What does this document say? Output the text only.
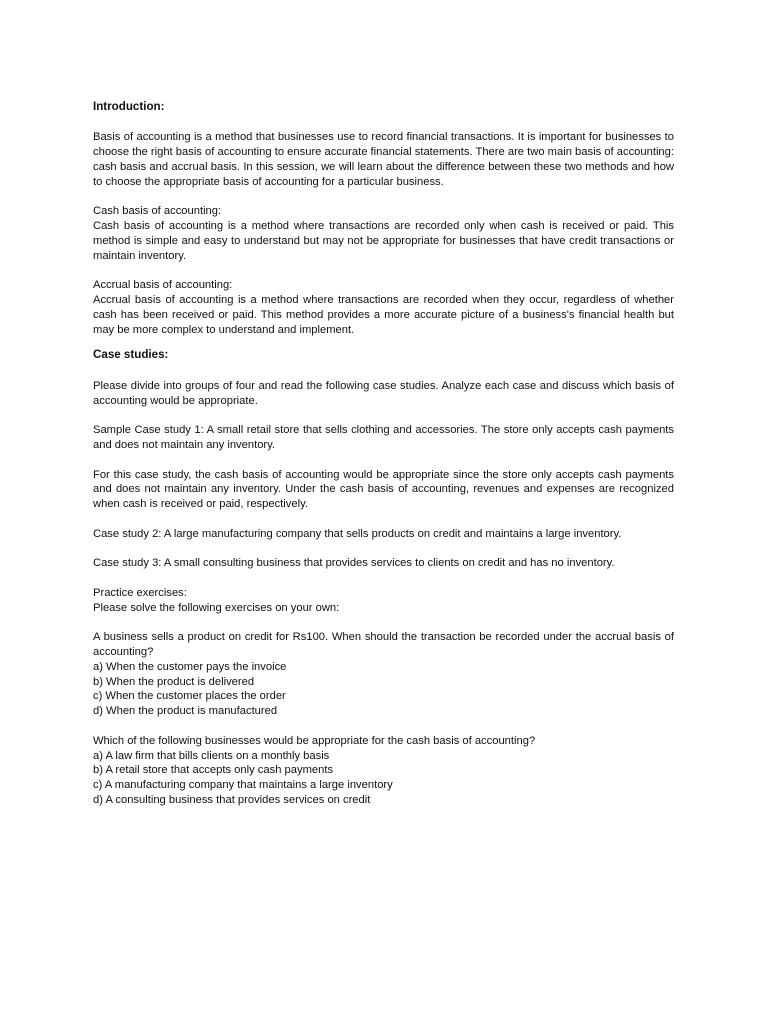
Introduction:

Basis of accounting is a method that businesses use to record financial transactions. It is important for businesses to choose the right basis of accounting to ensure accurate financial statements. There are two main basis of accounting: cash basis and accrual basis. In this session, we will learn about the difference between these two methods and how to choose the appropriate basis of accounting for a particular business.

Cash basis of accounting:

Cash basis of accounting is a method where transactions are recorded only when cash is received or paid. This method is simple and easy to understand but may not be appropriate for businesses that have credit transactions or maintain inventory.

Accrual basis of accounting:

Accrual basis of accounting is a method where transactions are recorded when they occur, regardless of whether cash has been received or paid. This method provides a more accurate picture of a business's financial health but may be more complex to understand and implement.

Case studies:

Please divide into groups of four and read the following case studies. Analyze each case and discuss which basis of accounting would be appropriate.

Sample Case study 1: A small retail store that sells clothing and accessories. The store only accepts cash payments and does not maintain any inventory.

For this case study, the cash basis of accounting would be appropriate since the store only accepts cash payments and does not maintain any inventory. Under the cash basis of accounting, revenues and expenses are recognized when cash is received or paid, respectively.

Case study 2: A large manufacturing company that sells products on credit and maintains a large inventory.

Case study 3: A small consulting business that provides services to clients on credit and has no inventory.

Practice exercises:

Please solve the following exercises on your own:

A business sells a product on credit for Rs100. When should the transaction be recorded under the accrual basis of accounting?

a) When the customer pays the invoice

b) When the product is delivered

c) When the customer places the order

d) When the product is manufactured

Which of the following businesses would be appropriate for the cash basis of accounting?

a) A law firm that bills clients on a monthly basis

b) A retail store that accepts only cash payments

c) A manufacturing company that maintains a large inventory

d) A consulting business that provides services on credit
